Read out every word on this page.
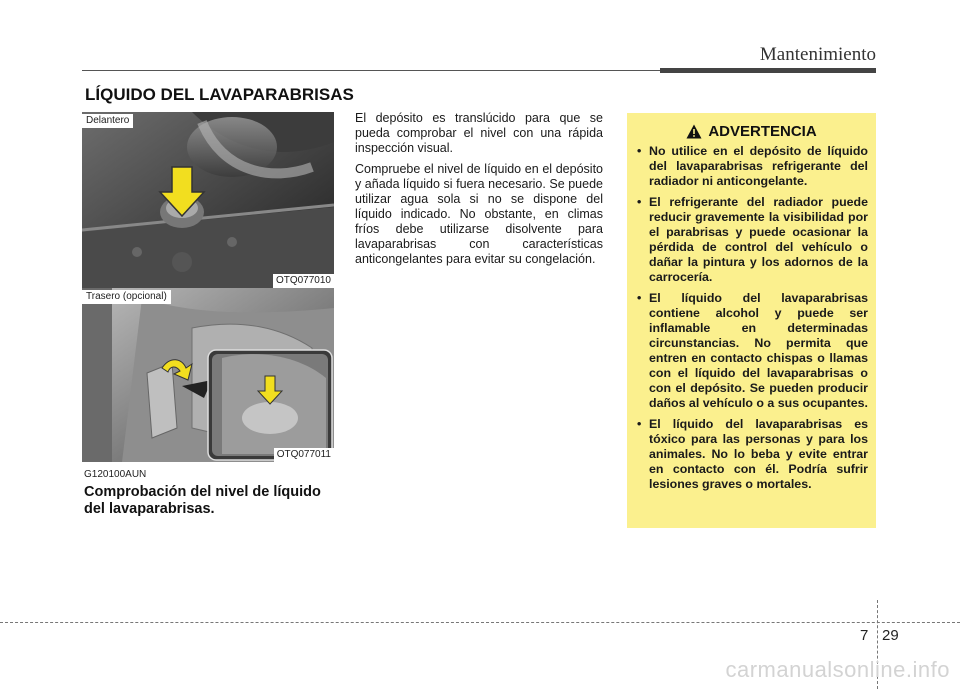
Mantenimiento
LÍQUIDO DEL LAVAPARABRISAS
Delantero
OTQ077010
Trasero (opcional)
OTQ077011
G120100AUN
Comprobación del nivel de líquido del lavaparabrisas.

El depósito es translúcido para que se pueda comprobar el nivel con una rápida inspección visual.

Compruebe el nivel de líquido en el depósito y añada líquido si fuera necesario. Se puede utilizar agua sola si no se dispone del líquido indicado. No obstante, en climas fríos debe utilizarse disolvente para lavaparabrisas con características anticongelantes para evitar su congelación.

ADVERTENCIA
• No utilice en el depósito de líquido del lavaparabrisas refrigerante del radiador ni anticongelante.
• El refrigerante del radiador puede reducir gravemente la visibilidad por el parabrisas y puede ocasionar la pérdida de control del vehículo o dañar la pintura y los adornos de la carrocería.
• El líquido del lavaparabrisas contiene alcohol y puede ser inflamable en determinadas circunstancias. No permita que entren en contacto chispas o llamas con el líquido del lavaparabrisas o con el depósito. Se pueden producir daños al vehículo o a sus ocupantes.
• El líquido del lavaparabrisas es tóxico para las personas y para los animales. No lo beba y evite entrar en contacto con él. Podría sufrir lesiones graves o mortales.
7 29
carmanualsonline.info
